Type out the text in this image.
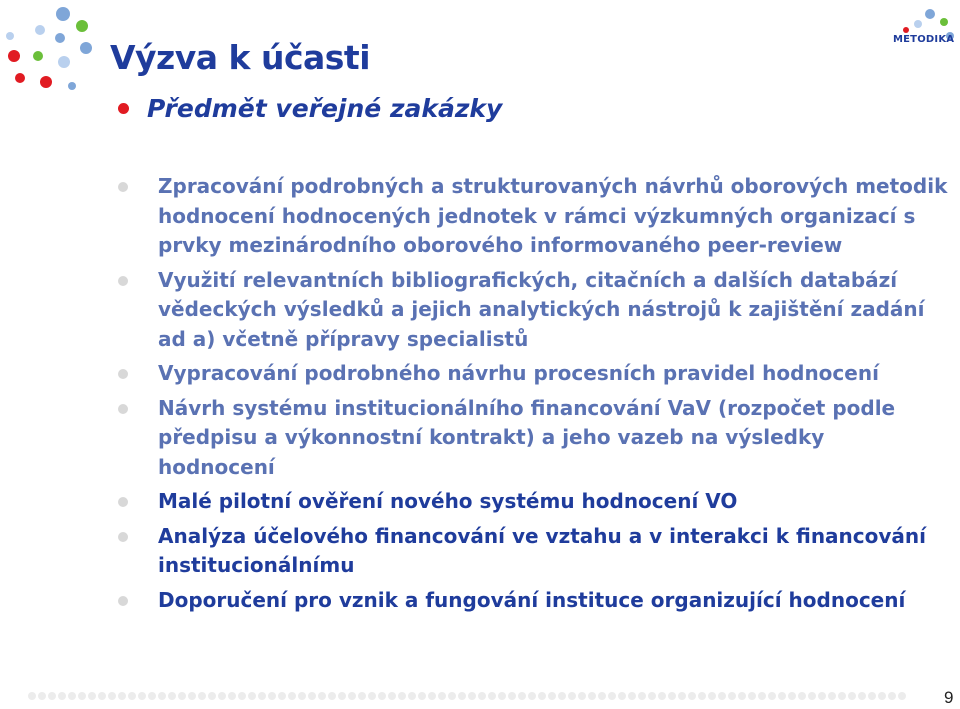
Výzva k účasti	METODIKA
Předmět veřejné zakázky
Zpracování podrobných a strukturovaných návrhů oborových metodik hodnocení hodnocených jednotek v rámci výzkumných organizací s prvky mezinárodního oborového informovaného peer-review
Využití relevantních bibliografických, citačních a dalších databází vědeckých výsledků a jejich analytických nástrojů k zajištění zadání ad a) včetně přípravy specialistů
Vypracování podrobného návrhu procesních pravidel hodnocení
Návrh systému institucionálního financování VaV (rozpočet podle předpisu a výkonnostní kontrakt) a jeho vazeb na výsledky hodnocení
Malé pilotní ověření nového systému hodnocení VO
Analýza účelového financování ve vztahu a v interakci k financování institucionálnímu
Doporučení pro vznik a fungování instituce organizující hodnocení
9
